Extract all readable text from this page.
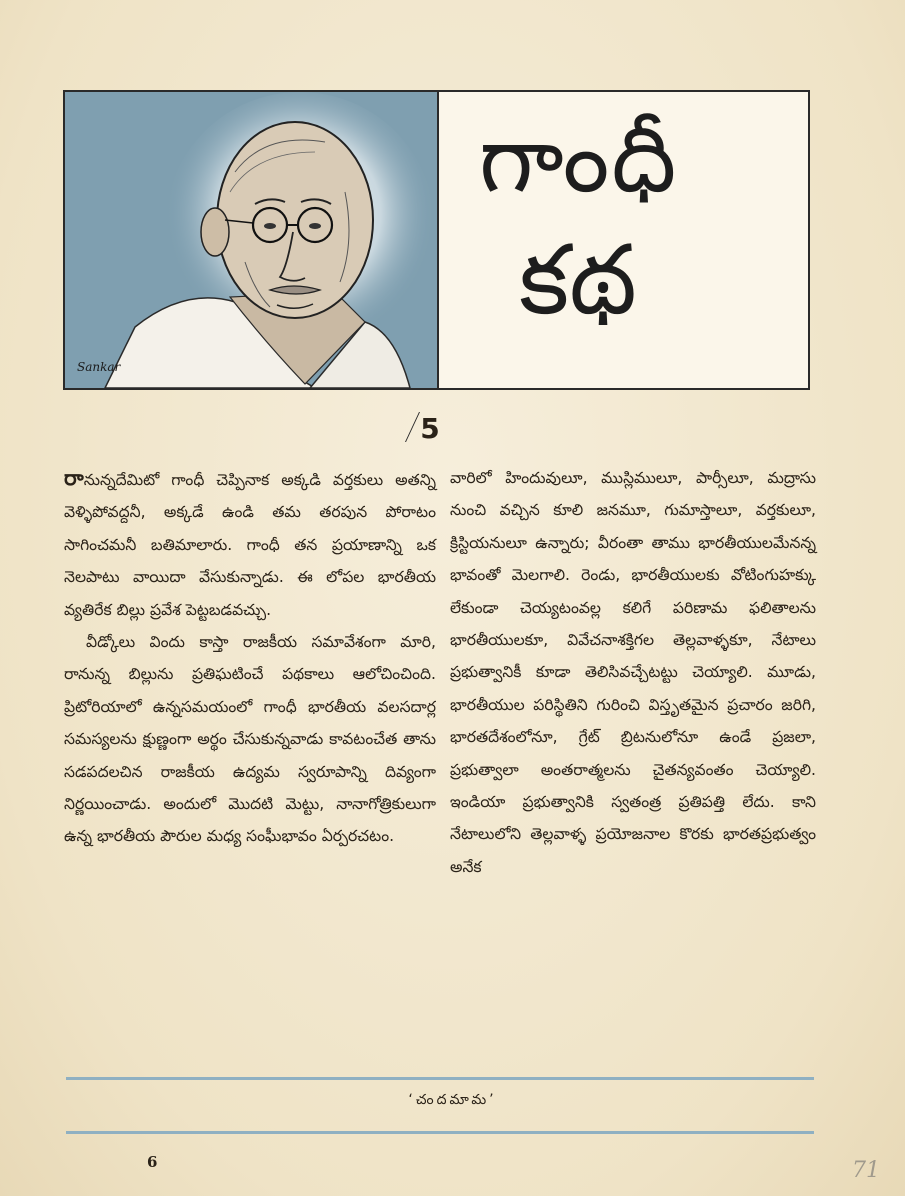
Sankar
గాంధీ
కథ
5

రానున్నదేమిటో గాంధీ చెప్పినాక అక్కడి వర్తకులు అతన్ని వెళ్ళిపోవద్దనీ, అక్కడే ఉండి తమ తరపున పోరాటం సాగించమనీ బతిమాలారు. గాంధీ తన ప్రయాణాన్ని ఒక నెలపాటు వాయిదా వేసుకున్నాడు. ఈ లోపల భారతీయ వ్యతిరేక బిల్లు ప్రవేశ పెట్టబడవచ్చు.

వీడ్కోలు విందు కాస్తా రాజకీయ సమావేశంగా మారి, రానున్న బిల్లును ప్రతిఘటించే పథకాలు ఆలోచించింది. ప్రిటోరియాలో ఉన్నసమయంలో గాంధీ భారతీయ వలసదార్ల సమస్యలను క్షుణ్ణంగా అర్థం చేసుకున్నవాడు కావటంచేత తాను సడపదలచిన రాజకీయ ఉద్యమ స్వరూపాన్ని దివ్యంగా నిర్ణయించాడు. అందులో మొదటి మెట్టు, నానాగోత్రికులుగా ఉన్న భారతీయ పౌరుల మధ్య సంఘీభావం ఏర్పరచటం.

వారిలో హిందువులూ, ముస్లిములూ, పార్సీలూ, మద్రాసు నుంచి వచ్చిన కూలి జనమూ, గుమాస్తాలూ, వర్తకులూ, క్రిస్టియనులూ ఉన్నారు; వీరంతా తాము భారతీయులమేనన్న భావంతో మెలగాలి. రెండు, భారతీయులకు వోటింగుహక్కు లేకుండా చెయ్యటంవల్ల కలిగే పరిణామ ఫలితాలను భారతీయులకూ, వివేచనాశక్తిగల తెల్లవాళ్ళకూ, నేటాలు ప్రభుత్వానికీ కూడా తెలిసివచ్చేటట్టు చెయ్యాలి. మూడు, భారతీయుల పరిస్థితిని గురించి విస్తృతమైన ప్రచారం జరిగి, భారతదేశంలోనూ, గ్రేట్ బ్రిటనులోనూ ఉండే ప్రజలా, ప్రభుత్వాలా అంతరాత్మలను చైతన్యవంతం చెయ్యాలి. ఇండియా ప్రభుత్వానికి స్వతంత్ర ప్రతిపత్తి లేదు. కాని నేటాలులోని తెల్లవాళ్ళ ప్రయోజనాల కొరకు భారతప్రభుత్వం అనేక

‘చందమామ’
6	71
